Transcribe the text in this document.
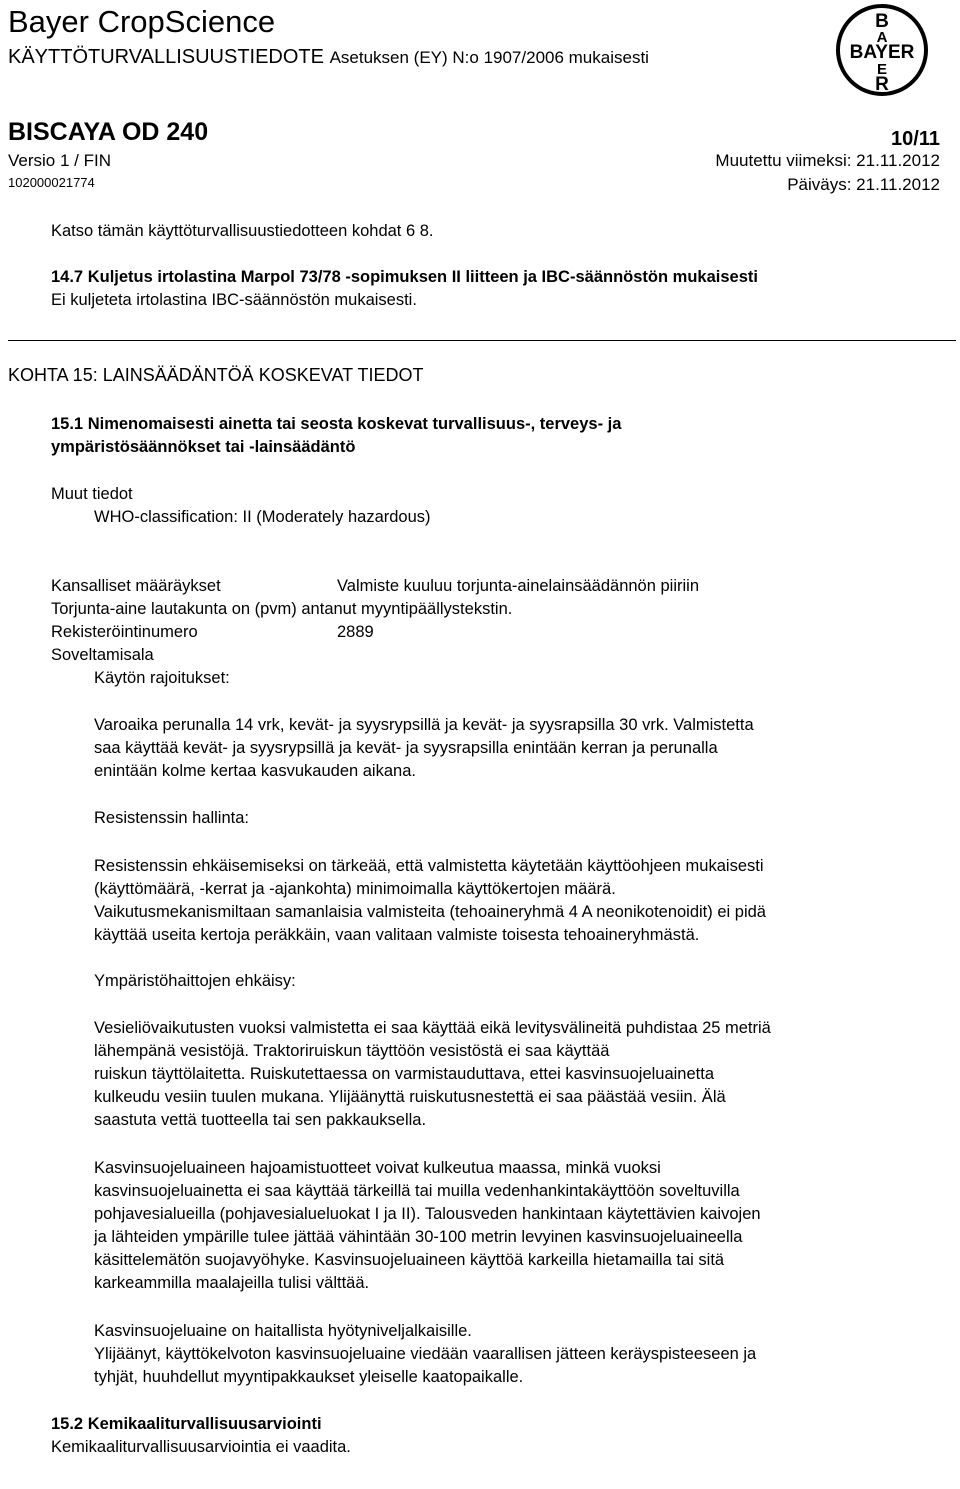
Bayer CropScience
KÄYTTÖTURVALLISUUSTIEDOTE Asetuksen (EY) N:o 1907/2006 mukaisesti
B
A
BAYER
E
R
BISCAYA OD 240	10/11
Versio 1 / FIN	Muutettu viimeksi: 21.11.2012
102000021774	Päiväys: 21.11.2012
Katso tämän käyttöturvallisuustiedotteen kohdat 6 8.
14.7 Kuljetus irtolastina Marpol 73/78 -sopimuksen II liitteen ja IBC-säännöstön mukaisesti
Ei kuljeteta irtolastina IBC-säännöstön mukaisesti.
KOHTA 15: LAINSÄÄDÄNTÖÄ KOSKEVAT TIEDOT
15.1 Nimenomaisesti ainetta tai seosta koskevat turvallisuus-, terveys- ja
ympäristösäännökset tai -lainsäädäntö
Muut tiedot
WHO-classification: II (Moderately hazardous)
Kansalliset määräykset	Valmiste kuuluu torjunta-ainelainsäädännön piiriin
Torjunta-aine lautakunta on (pvm) antanut myyntipäällystekstin.
Rekisteröintinumero	2889
Soveltamisala
Käytön rajoitukset:
Varoaika perunalla 14 vrk, kevät- ja syysrypsillä ja kevät- ja syysrapsilla 30 vrk. Valmistetta
saa käyttää kevät- ja syysrypsillä ja kevät- ja syysrapsilla enintään kerran ja perunalla
enintään kolme kertaa kasvukauden aikana.
Resistenssin hallinta:
Resistenssin ehkäisemiseksi on tärkeää, että valmistetta käytetään käyttöohjeen mukaisesti
(käyttömäärä, -kerrat ja -ajankohta) minimoimalla käyttökertojen määrä.
Vaikutusmekanismiltaan samanlaisia valmisteita (tehoaineryhmä 4 A neonikotenoidit) ei pidä
käyttää useita kertoja peräkkäin, vaan valitaan valmiste toisesta tehoaineryhmästä.
Ympäristöhaittojen ehkäisy:
Vesieliövaikutusten vuoksi valmistetta ei saa käyttää eikä levitysvälineitä puhdistaa 25 metriä
lähempänä vesistöjä. Traktoriruiskun täyttöön vesistöstä ei saa käyttää
ruiskun täyttölaitetta. Ruiskutettaessa on varmistauduttava, ettei kasvinsuojeluainetta
kulkeudu vesiin tuulen mukana. Ylijäänyttä ruiskutusnestettä ei saa päästää vesiin. Älä
saastuta vettä tuotteella tai sen pakkauksella.
Kasvinsuojeluaineen hajoamistuotteet voivat kulkeutua maassa, minkä vuoksi
kasvinsuojeluainetta ei saa käyttää tärkeillä tai muilla vedenhankintakäyttöön soveltuvilla
pohjavesialueilla (pohjavesialueluokat I ja II). Talousveden hankintaan käytettävien kaivojen
ja lähteiden ympärille tulee jättää vähintään 30-100 metrin levyinen kasvinsuojeluaineella
käsittelemätön suojavyöhyke. Kasvinsuojeluaineen käyttöä karkeilla hietamailla tai sitä
karkeammilla maalajeilla tulisi välttää.
Kasvinsuojeluaine on haitallista hyötyniveljalkaisille.
Ylijäänyt, käyttökelvoton kasvinsuojeluaine viedään vaarallisen jätteen keräyspisteeseen ja
tyhjät, huuhdellut myyntipakkaukset yleiselle kaatopaikalle.
15.2 Kemikaaliturvallisuusarviointi
Kemikaaliturvallisuusarviointia ei vaadita.
